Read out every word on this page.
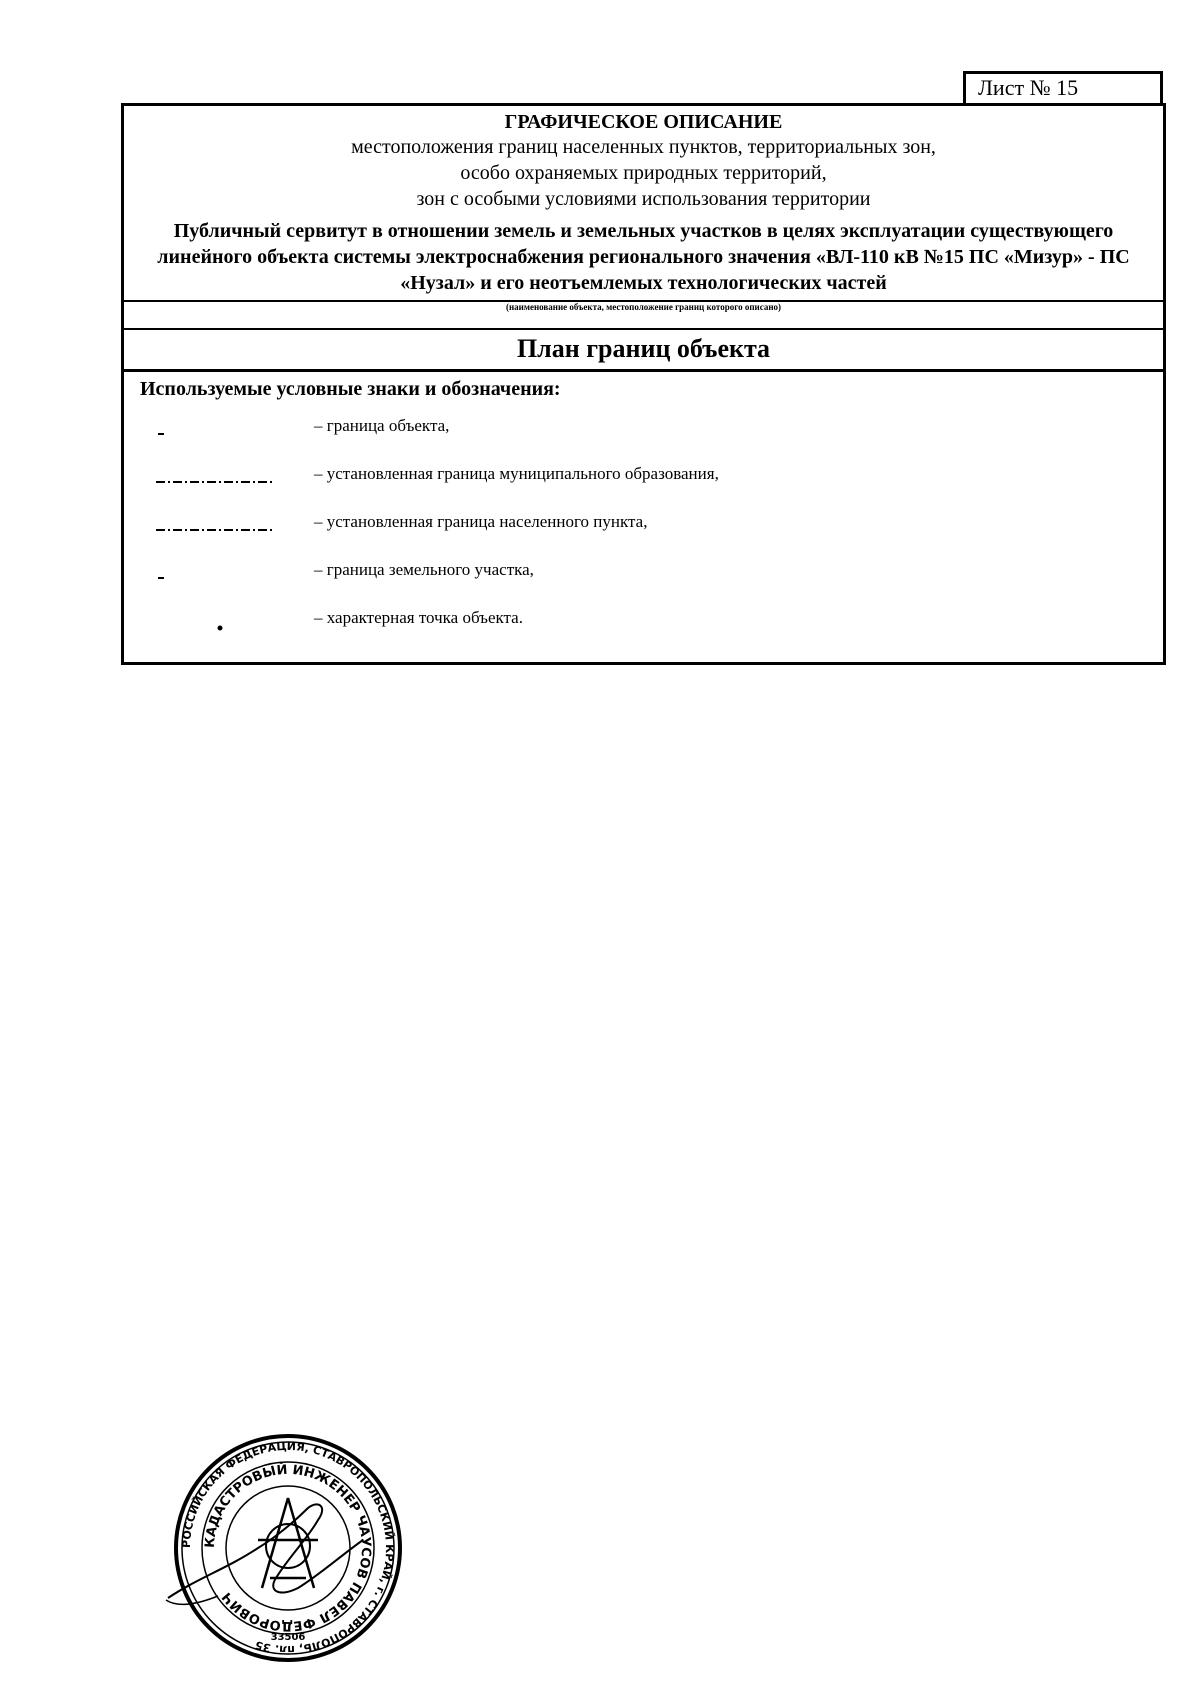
Лист № 15
ГРАФИЧЕСКОЕ ОПИСАНИЕ
местоположения границ населенных пунктов, территориальных зон,
особо охраняемых природных территорий,
зон с особыми условиями использования территории
Публичный сервитут в отношении земель и земельных участков в целях эксплуатации существующего линейного объекта системы электроснабжения регионального значения «ВЛ-110 кВ №15 ПС «Мизур» - ПС «Нузал» и его неотъемлемых технологических частей
(наименование объекта, местоположение границ которого описано)
План границ объекта
Используемые условные знаки и обозначения:
– граница объекта,
– установленная граница муниципального образования,
– установленная граница населенного пункта,
– граница земельного участка,
– характерная точка объекта.
РОССИЙСКАЯ ФЕДЕРАЦИЯ, СТАВРОПОЛЬСКИЙ КРАЙ, г. СТАВРОПОЛЬ, пл. 35
КАДАСТРОВЫЙ ИНЖЕНЕР ЧАУСОВ ПАВЕЛ ФЕДОРОВИЧ
33506
